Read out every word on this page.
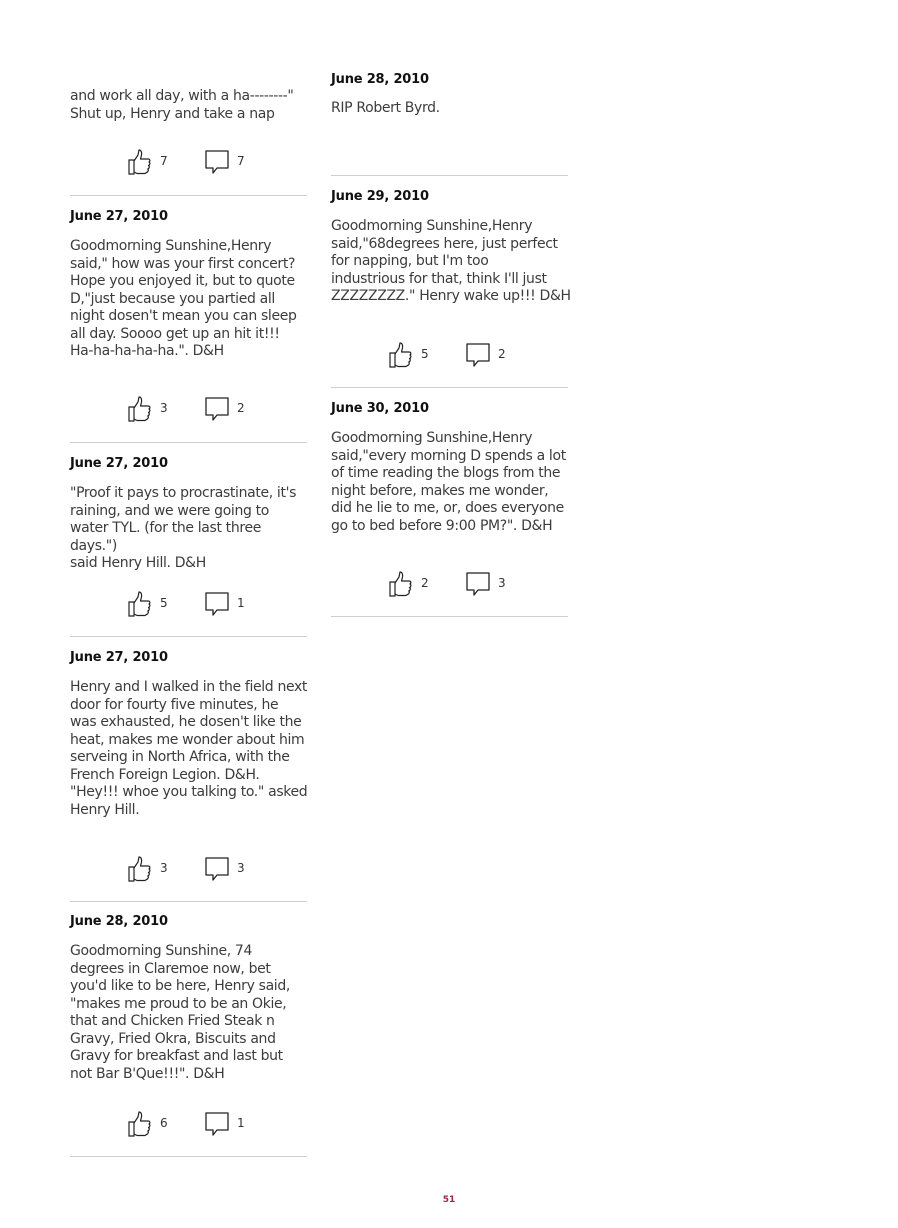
and work all day, with a ha--------"

Shut up, Henry and take a nap

7	7
June 27, 2010

Goodmorning Sunshine,Henry

said," how was your first concert?

Hope you enjoyed it, but to quote

D,"just because you partied all

night dosen't mean you can sleep

all day. Soooo get up an hit it!!!

Ha-ha-ha-ha-ha.". D&H

3	2
June 27, 2010

"Proof it pays to procrastinate, it's

raining, and we were going to

water TYL. (for the last three days.")

said Henry Hill. D&H

5	1
June 27, 2010

Henry and I walked in the field next

door for fourty five minutes, he

was exhausted, he dosen't like the

heat, makes me wonder about him

serveing in North Africa, with the

French Foreign Legion. D&H.

"Hey!!! whoe you talking to." asked

Henry Hill.

3	3
June 28, 2010

Goodmorning Sunshine, 74

degrees in Claremoe now, bet

you'd like to be here, Henry said,

"makes me proud to be an Okie,

that and Chicken Fried Steak n

Gravy, Fried Okra, Biscuits and

Gravy for breakfast and last but

not Bar B'Que!!!". D&H

6	1
June 28, 2010

RIP Robert Byrd.

June 29, 2010

Goodmorning Sunshine,Henry

said,"68degrees here, just perfect

for napping, but I'm too

industrious for that, think I'll just

ZZZZZZZZ." Henry wake up!!! D&H

5	2
June 30, 2010

Goodmorning Sunshine,Henry

said,"every morning D spends a lot

of time reading the blogs from the

night before, makes me wonder,

did he lie to me, or, does everyone

go to bed before 9:00 PM?". D&H

2	3
51
